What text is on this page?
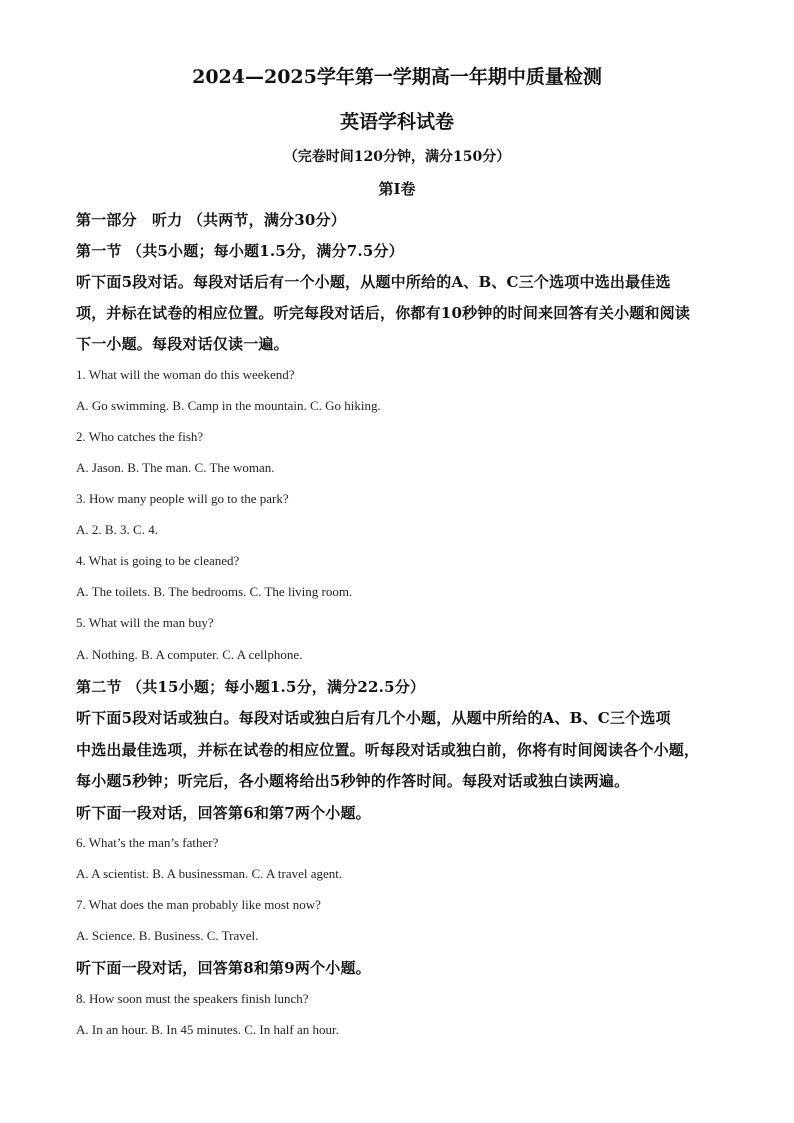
2024—2025学年第一学期高一年期中质量检测
英语学科试卷
（完卷时间120分钟，满分150分）
第I卷
第一部分　听力 （共两节，满分30分）
第一节 （共5小题；每小题1.5分，满分7.5分）
听下面5段对话。每段对话后有一个小题，从题中所给的A、B、C三个选项中选出最佳选
项，并标在试卷的相应位置。听完每段对话后，你都有10秒钟的时间来回答有关小题和阅读
下一小题。每段对话仅读一遍。
1. What will the woman do this weekend?
A. Go swimming. B. Camp in the mountain. C. Go hiking.
2. Who catches the fish?
A. Jason. B. The man. C. The woman.
3. How many people will go to the park?
A. 2. B. 3. C. 4.
4. What is going to be cleaned?
A. The toilets. B. The bedrooms. C. The living room.
5. What will the man buy?
A. Nothing. B. A computer. C. A cellphone.
第二节 （共15小题；每小题1.5分，满分22.5分）
听下面5段对话或独白。每段对话或独白后有几个小题，从题中所给的A、B、C三个选项
中选出最佳选项，并标在试卷的相应位置。听每段对话或独白前，你将有时间阅读各个小题，
每小题5秒钟；听完后，各小题将给出5秒钟的作答时间。每段对话或独白读两遍。
听下面一段对话，回答第6和第7两个小题。
6. What’s the man’s father?
A. A scientist. B. A businessman. C. A travel agent.
7. What does the man probably like most now?
A. Science. B. Business. C. Travel.
听下面一段对话，回答第8和第9两个小题。
8. How soon must the speakers finish lunch?
A. In an hour. B. In 45 minutes. C. In half an hour.
